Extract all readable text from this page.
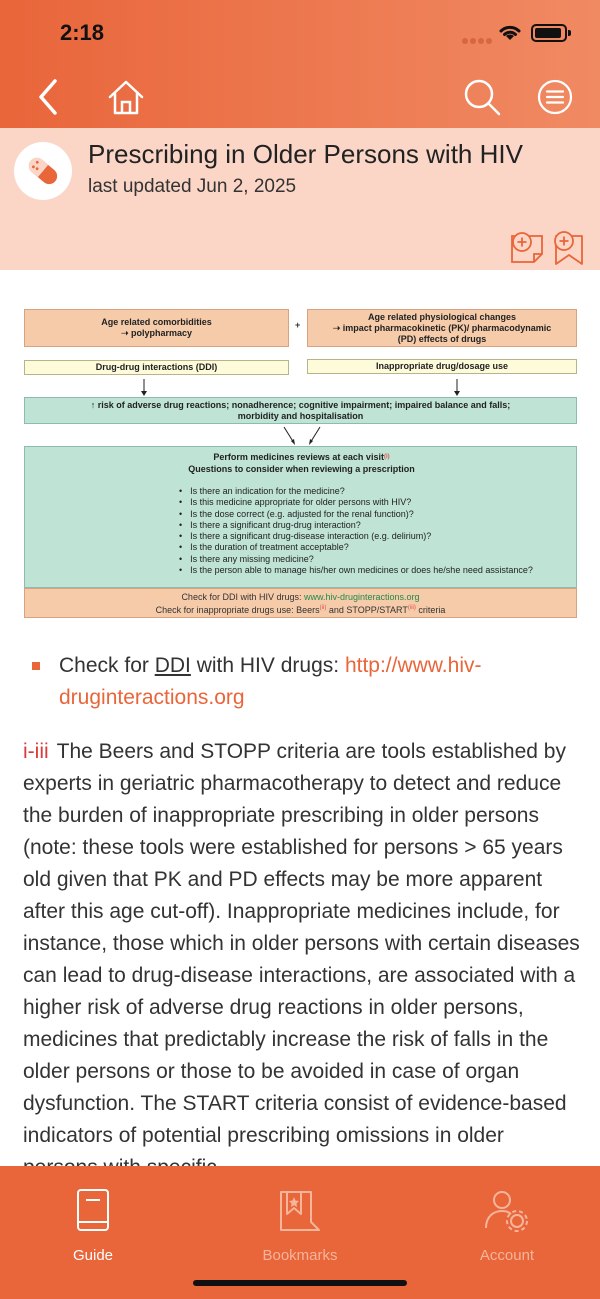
2:18
Prescribing in Older Persons with HIV
last updated Jun 2, 2025
Age related comorbidities
➝ polypharmacy
+
Age related physiological changes
➝ impact pharmacokinetic (PK)/ pharmacodynamic
(PD) effects of drugs
Drug-drug interactions (DDI)	Inappropriate drug/dosage use
↑ risk of adverse drug reactions; nonadherence; cognitive impairment; impaired balance and falls;
morbidity and hospitalisation
Perform medicines reviews at each visit (i)
Questions to consider when reviewing a prescription
• Is there an indication for the medicine?
• Is this medicine appropriate for older persons with HIV?
• Is the dose correct (e.g. adjusted for the renal function)?
• Is there a significant drug-drug interaction?
• Is there a significant drug-disease interaction (e.g. delirium)?
• Is the duration of treatment acceptable?
• Is there any missing medicine?
• Is the person able to manage his/her own medicines or does he/she need assistance?
Check for DDI with HIV drugs: www.hiv-druginteractions.org
Check for inappropriate drugs use: Beers$^{(ii)}$ and STOPP/START$^{(iii)}$ criteria
Check for DDI with HIV drugs: http://www.hiv-druginteractions.org
i-iii The Beers and STOPP criteria are tools established by experts in geriatric pharmacotherapy to detect and reduce the burden of inappropriate prescribing in older persons (note: these tools were established for persons > 65 years old given that PK and PD effects may be more apparent after this age cut-off). Inappropriate medicines include, for instance, those which in older persons with certain diseases can lead to drug-disease interactions, are associated with a higher risk of adverse drug reactions in older persons, medicines that predictably increase the risk of falls in the older persons or those to be avoided in case of organ dysfunction. The START criteria consist of evidence-based indicators of potential prescribing omissions in older
Guide	Bookmarks	Account
